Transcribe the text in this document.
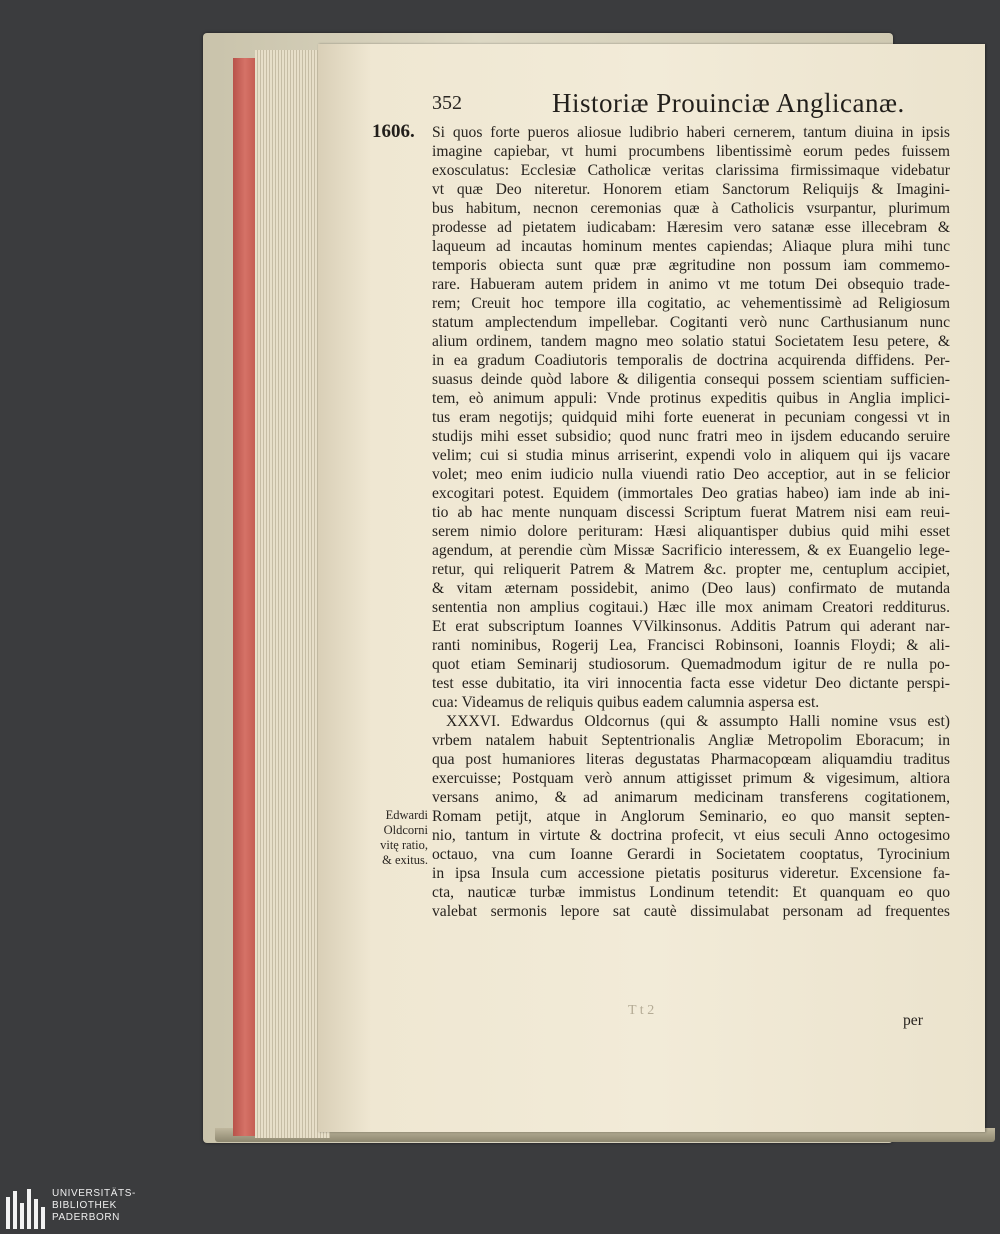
352	Historiæ Prouinciæ Anglicanæ.
1606. Si quos forte pueros aliosue ludibrio haberi cernerem, tantum diuina in ipsis
imagine capiebar, vt humi procumbens libentissimè eorum pedes fuissem
exosculatus: Ecclesiæ Catholicæ veritas clarissima firmissimaque videbatur
vt quæ Deo niteretur. Honorem etiam Sanctorum Reliquijs & Imagini-
bus habitum, necnon ceremonias quæ à Catholicis vsurpantur, plurimum
prodesse ad pietatem iudicabam: Hæresim vero satanæ esse illecebram &
laqueum ad incautas hominum mentes capiendas; Aliaque plura mihi tunc
temporis obiecta sunt quæ præ ægritudine non possum iam commemo-
rare. Habueram autem pridem in animo vt me totum Dei obsequio trade-
rem; Creuit hoc tempore illa cogitatio, ac vehementissimè ad Religiosum
statum amplectendum impellebar. Cogitanti verò nunc Carthusianum nunc
alium ordinem, tandem magno meo solatio statui Societatem Iesu petere, &
in ea gradum Coadiutoris temporalis de doctrina acquirenda diffidens. Per-
suasus deinde quòd labore & diligentia consequi possem scientiam sufficien-
tem, eò animum appuli: Vnde protinus expeditis quibus in Anglia implici-
tus eram negotijs; quidquid mihi forte euenerat in pecuniam congessi vt in
studijs mihi esset subsidio; quod nunc fratri meo in ijsdem educando seruire
velim; cui si studia minus arriserint, expendi volo in aliquem qui ijs vacare
volet; meo enim iudicio nulla viuendi ratio Deo acceptior, aut in se felicior
excogitari potest. Equidem (immortales Deo gratias habeo) iam inde ab ini-
tio ab hac mente nunquam discessi Scriptum fuerat Matrem nisi eam reui-
serem nimio dolore perituram: Hæsi aliquantisper dubius quid mihi esset
agendum, at perendie cùm Missæ Sacrificio interessem, & ex Euangelio lege-
retur, qui reliquerit Patrem & Matrem &c. propter me, centuplum accipiet,
& vitam æternam possidebit, animo (Deo laus) confirmato de mutanda
sententia non amplius cogitaui.) Hæc ille mox animam Creatori redditurus.
Et erat subscriptum Ioannes VVilkinsonus. Additis Patrum qui aderant nar-
ranti nominibus, Rogerij Lea, Francisci Robinsoni, Ioannis Floydi; & ali-
quot etiam Seminarij studiosorum. Quemadmodum igitur de re nulla po-
test esse dubitatio, ita viri innocentia facta esse videtur Deo dictante perspi-
cua: Videamus de reliquis quibus eadem calumnia aspersa est.
XXXVI. Edwardus Oldcornus (qui & assumpto Halli nomine vsus est)
vrbem natalem habuit Septentrionalis Angliæ Metropolim Eboracum; in
qua post humaniores literas degustatas Pharmacopœam aliquamdiu traditus
exercuisse; Postquam verò annum attigisset primum & vigesimum, altiora
versans animo, & ad animarum medicinam transferens cogitationem,
Romam petijt, atque in Anglorum Seminario, eo quo mansit septen-
nio, tantum in virtute & doctrina profecit, vt eius seculi Anno octogesimo
octauo, vna cum Ioanne Gerardi in Societatem cooptatus, Tyrocinium
in ipsa Insula cum accessione pietatis positurus videretur. Excensione fa-
cta, nauticæ turbæ immistus Londinum tetendit: Et quanquam eo quo
valebat sermonis lepore sat cautè dissimulabat personam ad frequentes
Edwardi
Oldcorni
vitę ratio,
& exitus.
T t 2
per
UNIVERSITÄTS-
BIBLIOTHEK
PADERBORN
